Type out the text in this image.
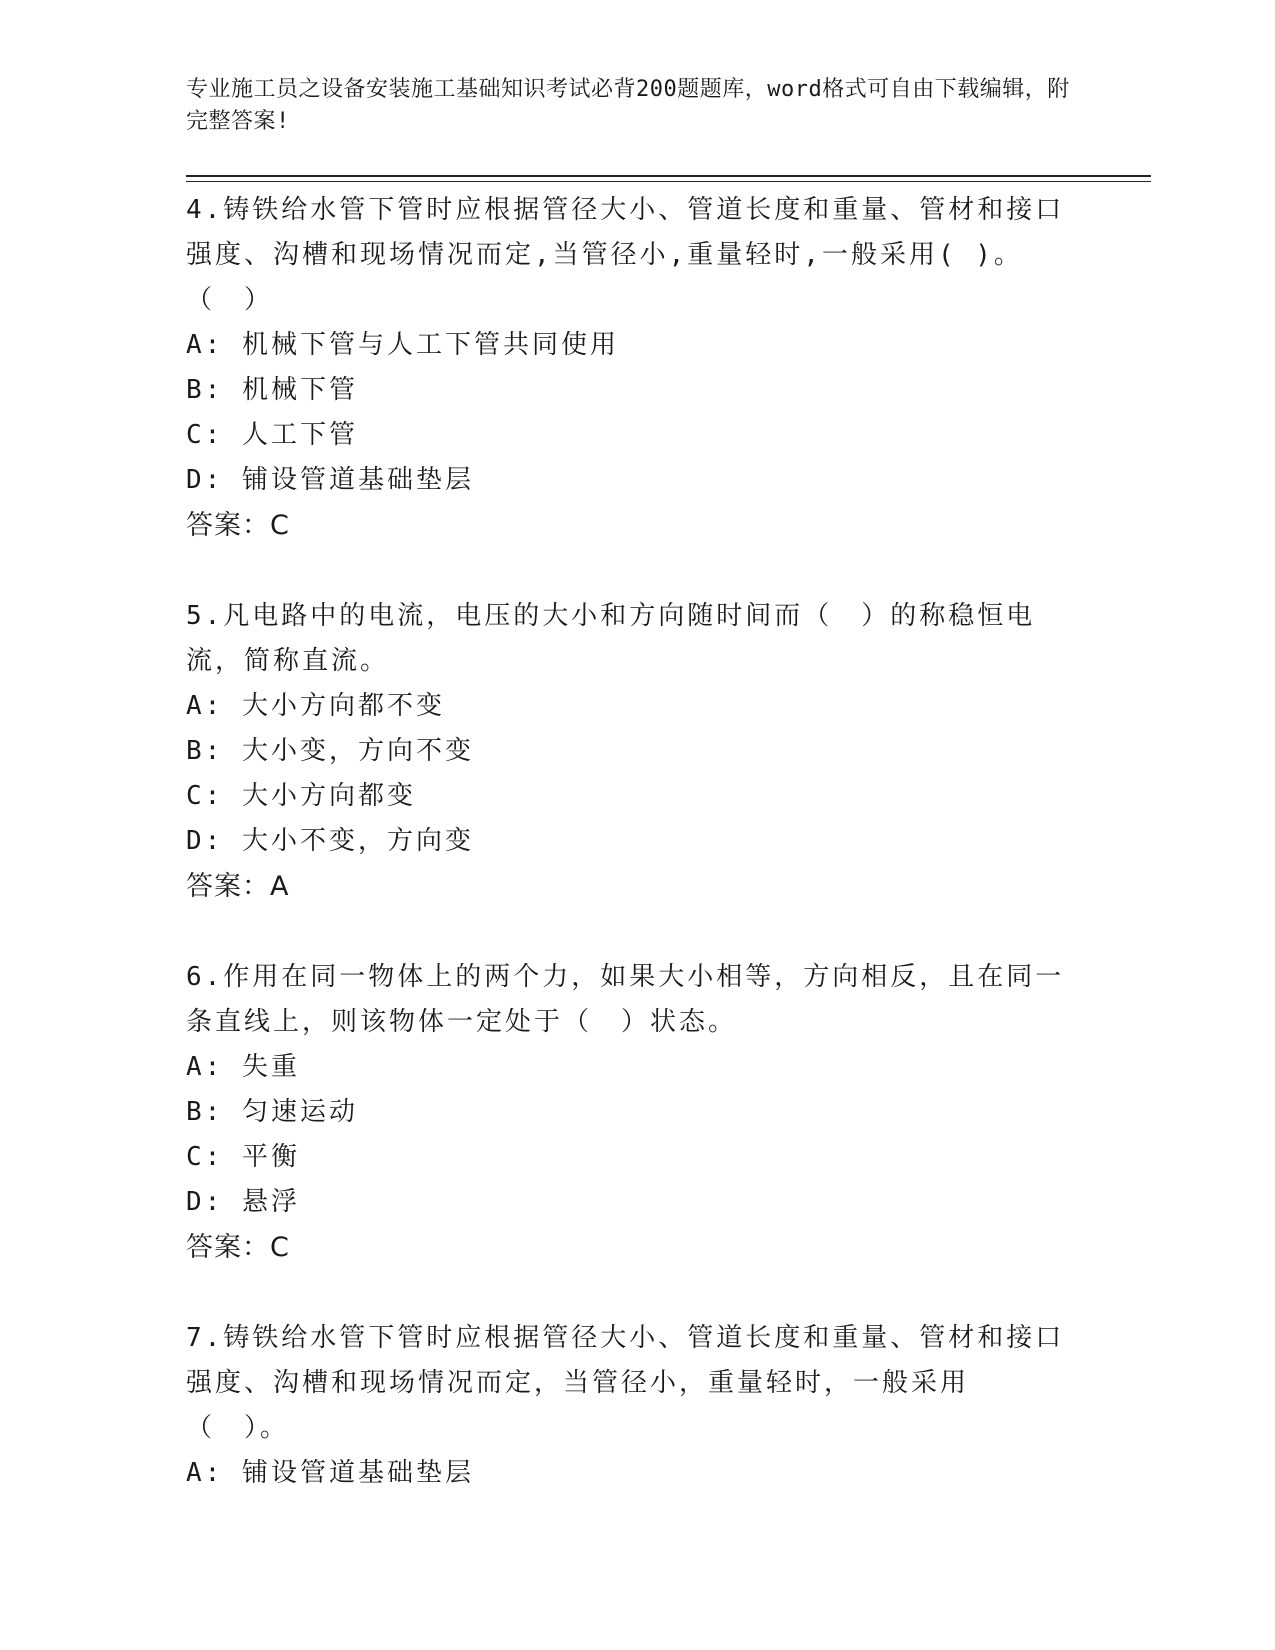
专业施工员之设备安装施工基础知识考试必背200题题库，word格式可自由下载编辑，附完整答案!
4.铸铁给水管下管时应根据管径大小、管道长度和重量、管材和接口强度、沟槽和现场情况而定,当管径小,重量轻时,一般采用( )。（　）
A: 机械下管与人工下管共同使用
B: 机械下管
C: 人工下管
D: 铺设管道基础垫层
答案：C
5.凡电路中的电流，电压的大小和方向随时间而（　）的称稳恒电流，简称直流。
A: 大小方向都不变
B: 大小变，方向不变
C: 大小方向都变
D: 大小不变，方向变
答案：A
6.作用在同一物体上的两个力，如果大小相等，方向相反，且在同一条直线上，则该物体一定处于（　）状态。
A: 失重
B: 匀速运动
C: 平衡
D: 悬浮
答案：C
7.铸铁给水管下管时应根据管径大小、管道长度和重量、管材和接口强度、沟槽和现场情况而定，当管径小，重量轻时，一般采用（　）。
A: 铺设管道基础垫层
